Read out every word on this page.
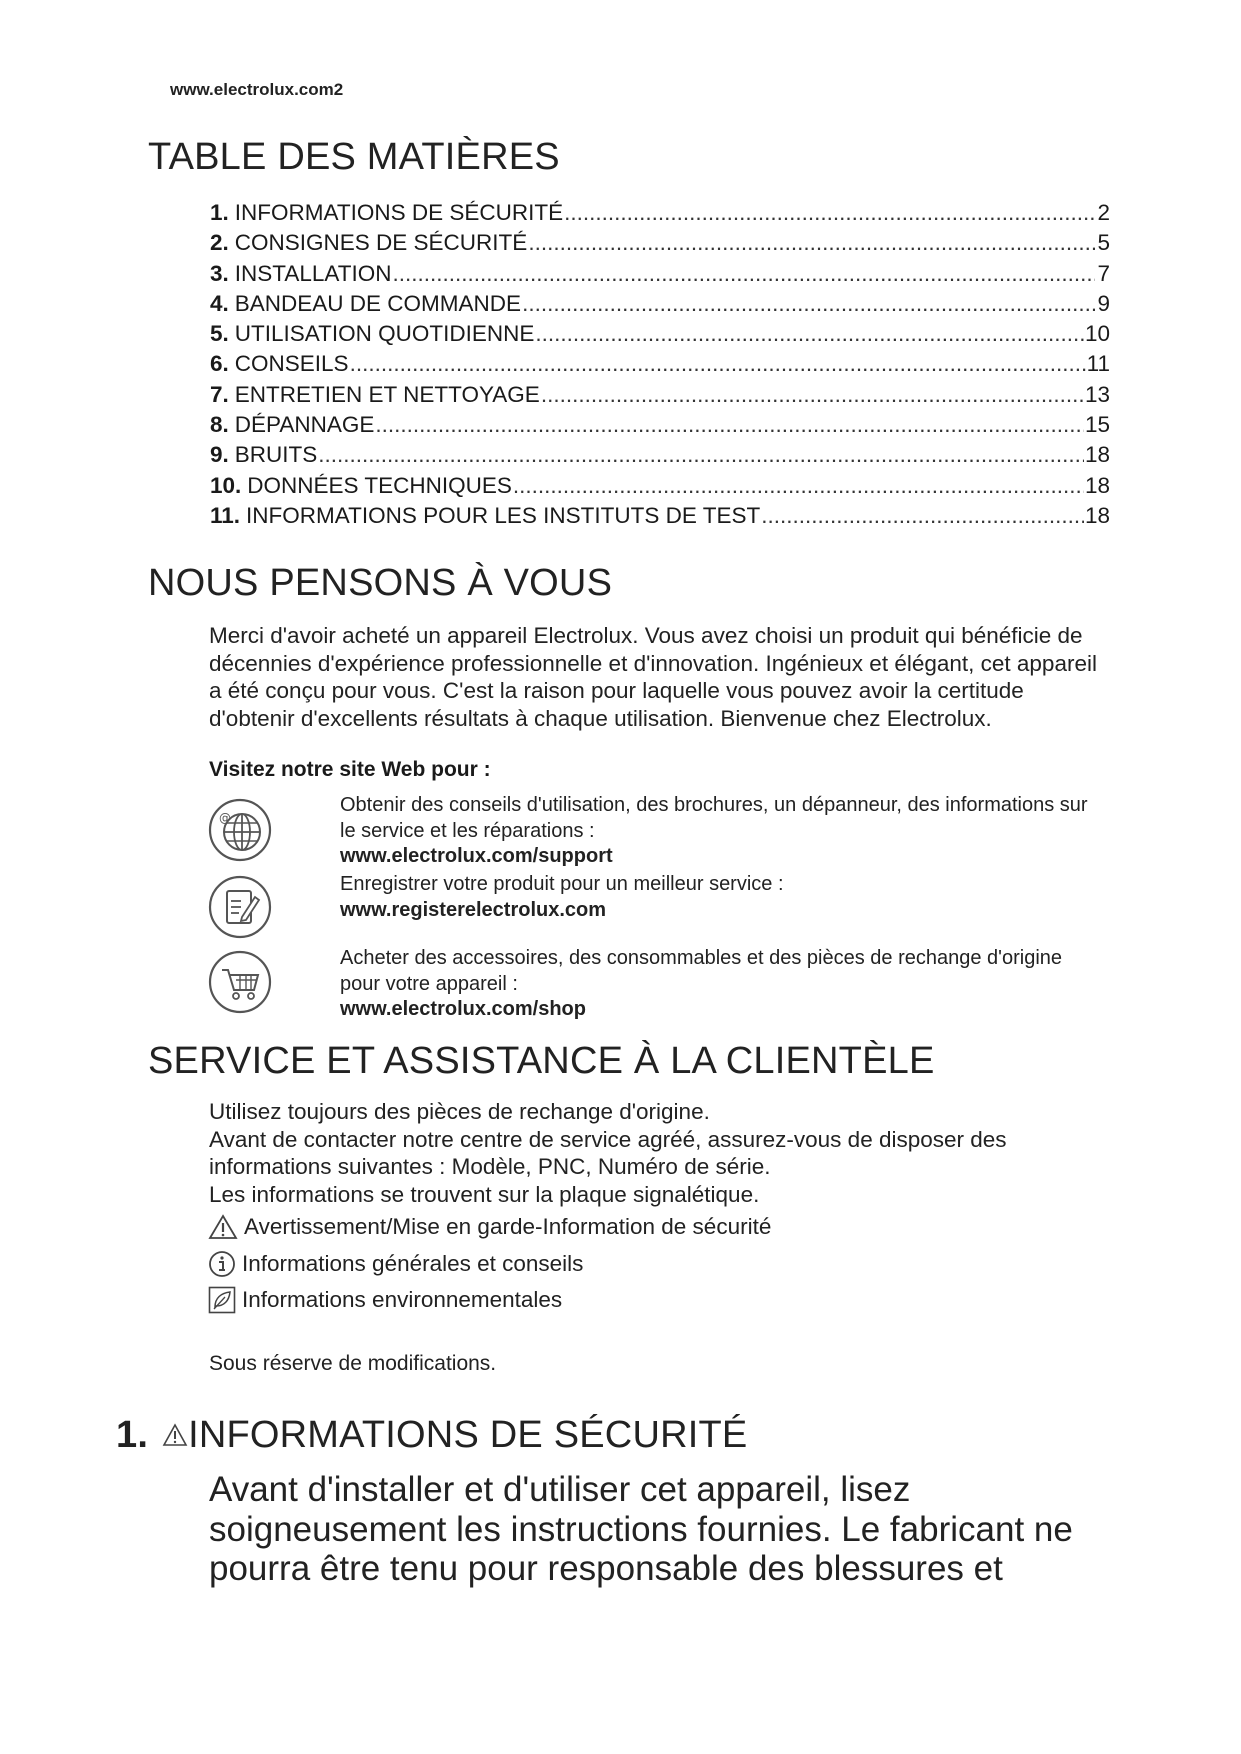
www.electrolux.com2
TABLE DES MATIÈRES
1. INFORMATIONS DE SÉCURITÉ .....	2
2. CONSIGNES DE SÉCURITÉ .....	5
3. INSTALLATION .....	7
4. BANDEAU DE COMMANDE .....	9
5. UTILISATION QUOTIDIENNE .....	10
6. CONSEILS .....	11
7. ENTRETIEN ET NETTOYAGE .....	13
8. DÉPANNAGE .....	15
9. BRUITS .....	18
10. DONNÉES TECHNIQUES .....	18
11. INFORMATIONS POUR LES INSTITUTS DE TEST .....	18
NOUS PENSONS À VOUS
Merci d'avoir acheté un appareil Electrolux. Vous avez choisi un produit qui bénéficie de décennies d'expérience professionnelle et d'innovation. Ingénieux et élégant, cet appareil a été conçu pour vous. C'est la raison pour laquelle vous pouvez avoir la certitude d'obtenir d'excellents résultats à chaque utilisation. Bienvenue chez Electrolux.
Visitez notre site Web pour :
@
Obtenir des conseils d'utilisation, des brochures, un dépanneur, des informations sur le service et les réparations :
www.electrolux.com/support
Enregistrer votre produit pour un meilleur service :
www.registerelectrolux.com
Acheter des accessoires, des consommables et des pièces de rechange d'origine pour votre appareil :
www.electrolux.com/shop
SERVICE ET ASSISTANCE À LA CLIENTÈLE
Utilisez toujours des pièces de rechange d'origine.
Avant de contacter notre centre de service agréé, assurez-vous de disposer des informations suivantes : Modèle, PNC, Numéro de série.
Les informations se trouvent sur la plaque signalétique.
Avertissement/Mise en garde-Information de sécurité
Informations générales et conseils
Informations environnementales
Sous réserve de modifications.
1. INFORMATIONS DE SÉCURITÉ
Avant d'installer et d'utiliser cet appareil, lisez soigneusement les instructions fournies. Le fabricant ne pourra être tenu pour responsable des blessures et
